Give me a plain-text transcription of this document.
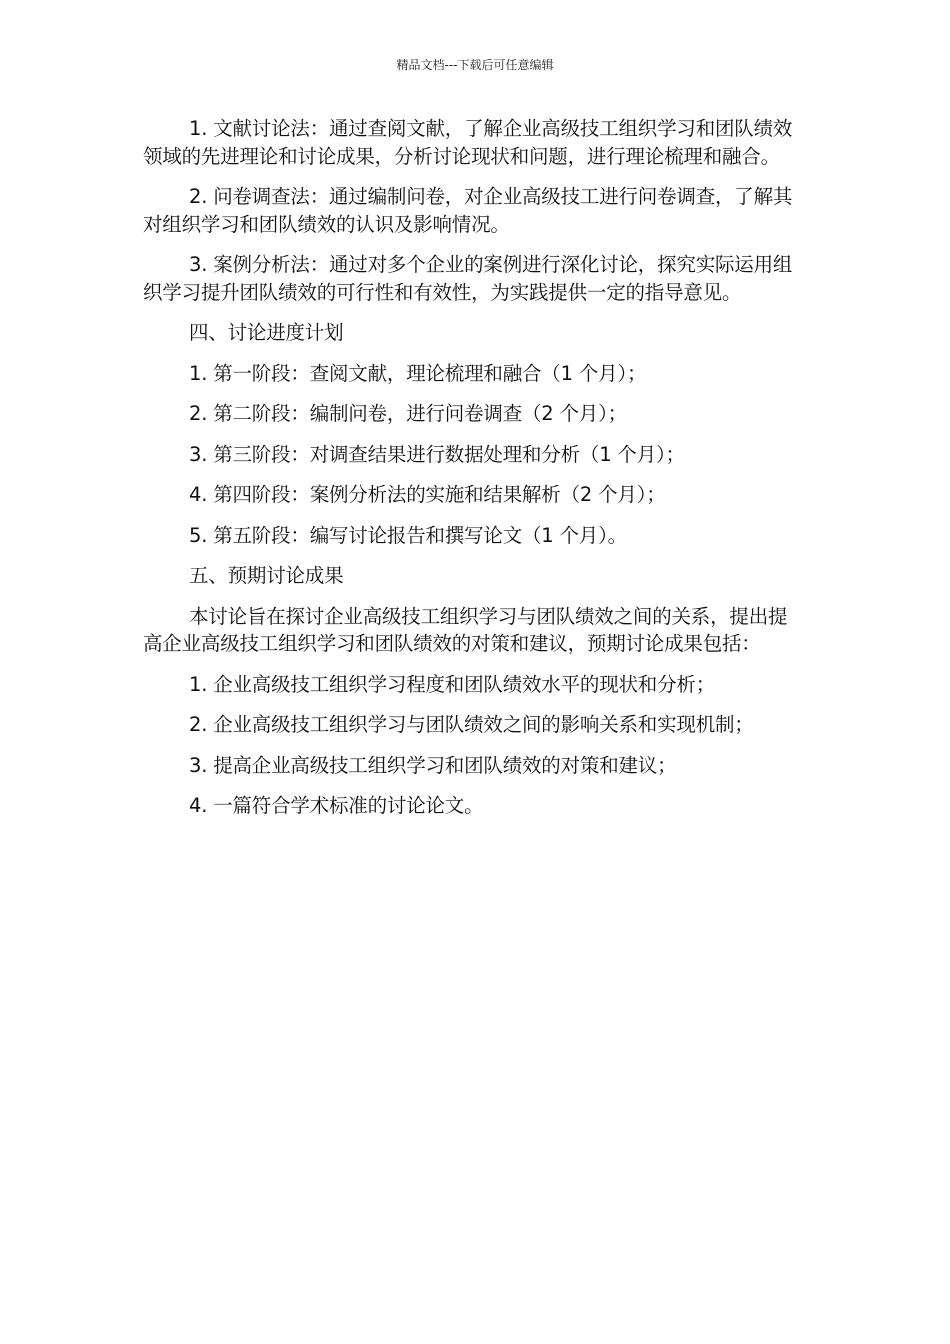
精品文档---下载后可任意编辑

1. 文献讨论法：通过查阅文献，了解企业高级技工组织学习和团队绩效领域的先进理论和讨论成果，分析讨论现状和问题，进行理论梳理和融合。

2. 问卷调查法：通过编制问卷，对企业高级技工进行问卷调查，了解其对组织学习和团队绩效的认识及影响情况。

3. 案例分析法：通过对多个企业的案例进行深化讨论，探究实际运用组织学习提升团队绩效的可行性和有效性，为实践提供一定的指导意见。

四、讨论进度计划

1. 第一阶段：查阅文献，理论梳理和融合（1 个月）；

2. 第二阶段：编制问卷，进行问卷调查（2 个月）；

3. 第三阶段：对调查结果进行数据处理和分析（1 个月）；

4. 第四阶段：案例分析法的实施和结果解析（2 个月）；

5. 第五阶段：编写讨论报告和撰写论文（1 个月）。

五、预期讨论成果

本讨论旨在探讨企业高级技工组织学习与团队绩效之间的关系，提出提高企业高级技工组织学习和团队绩效的对策和建议，预期讨论成果包括：

1. 企业高级技工组织学习程度和团队绩效水平的现状和分析；

2. 企业高级技工组织学习与团队绩效之间的影响关系和实现机制；

3. 提高企业高级技工组织学习和团队绩效的对策和建议；

4. 一篇符合学术标准的讨论论文。
